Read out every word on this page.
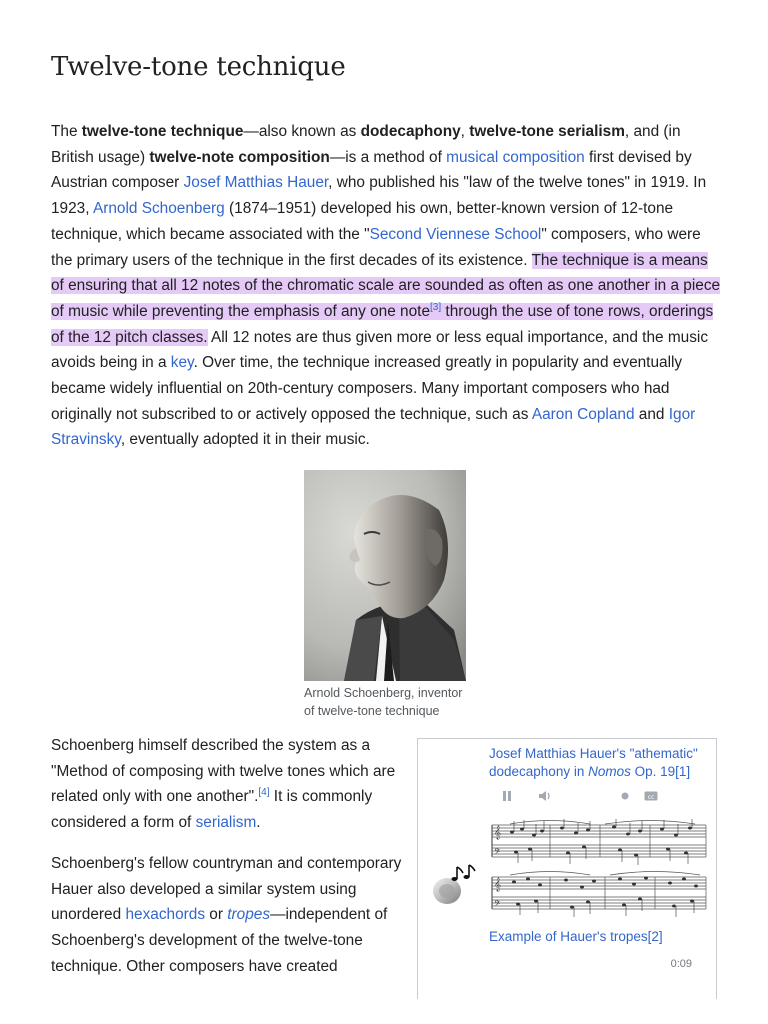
Twelve-tone technique

The twelve-tone technique—also known as dodecaphony, twelve-tone serialism, and (in British usage) twelve-note composition—is a method of musical composition first devised by Austrian composer Josef Matthias Hauer, who published his "law of the twelve tones" in 1919. In 1923, Arnold Schoenberg (1874–1951) developed his own, better-known version of 12-tone technique, which became associated with the "Second Viennese School" composers, who were the primary users of the technique in the first decades of its existence. The technique is a means of ensuring that all 12 notes of the chromatic scale are sounded as often as one another in a piece of music while preventing the emphasis of any one note[3] through the use of tone rows, orderings of the 12 pitch classes. All 12 notes are thus given more or less equal importance, and the music avoids being in a key. Over time, the technique increased greatly in popularity and eventually became widely influential on 20th-century composers. Many important composers who had originally not subscribed to or actively opposed the technique, such as Aaron Copland and Igor Stravinsky, eventually adopted it in their music.

Arnold Schoenberg, inventor
of twelve-tone technique

Schoenberg himself described the system as a "Method of composing with twelve tones which are related only with one another".[4] It is commonly considered a form of serialism.

Schoenberg's fellow countryman and contemporary Hauer also developed a similar system using unordered hexachords or tropes—independent of Schoenberg's development of the twelve-tone technique. Other composers have created

Josef Matthias Hauer's "athematic" dodecaphony in Nomos Op. 19[1]
cc
𝄞
𝄢
𝄞
𝄢
Example of Hauer's tropes[2]
0:09
